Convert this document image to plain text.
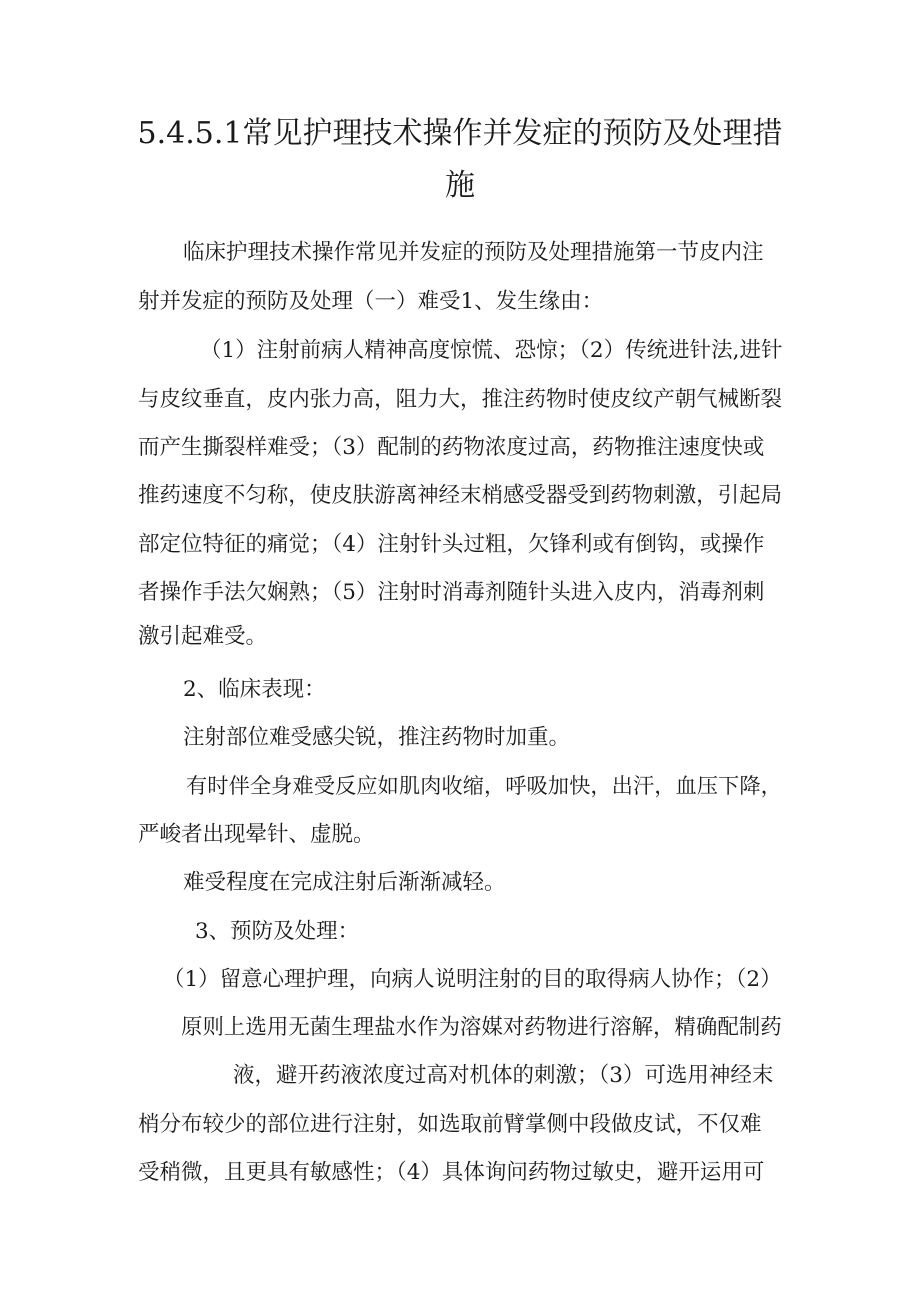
5.4.5.1常见护理技术操作并发症的预防及处理措
施
临床护理技术操作常见并发症的预防及处理措施第一节皮内注
射并发症的预防及处理（一）难受1、发生缘由：
（1）注射前病人精神高度惊慌、恐惊；（2）传统进针法,进针
与皮纹垂直，皮内张力高，阻力大，推注药物时使皮纹产朝气械断裂
而产生撕裂样难受；（3）配制的药物浓度过高，药物推注速度快或
推药速度不匀称，使皮肤游离神经末梢感受器受到药物刺激，引起局
部定位特征的痛觉；（4）注射针头过粗，欠锋利或有倒钩，或操作
者操作手法欠娴熟；（5）注射时消毒剂随针头进入皮内，消毒剂刺
激引起难受。
2、临床表现：
注射部位难受感尖锐，推注药物时加重。
有时伴全身难受反应如肌肉收缩，呼吸加快，出汗，血压下降，
严峻者出现晕针、虚脱。
难受程度在完成注射后渐渐减轻。
3、预防及处理：
（1）留意心理护理，向病人说明注射的目的取得病人协作；（2）
原则上选用无菌生理盐水作为溶媒对药物进行溶解，精确配制药
液，避开药液浓度过高对机体的刺激；（3）可选用神经末
梢分布较少的部位进行注射，如选取前臂掌侧中段做皮试，不仅难
受稍微，且更具有敏感性；（4）具体询问药物过敏史，避开运用可
